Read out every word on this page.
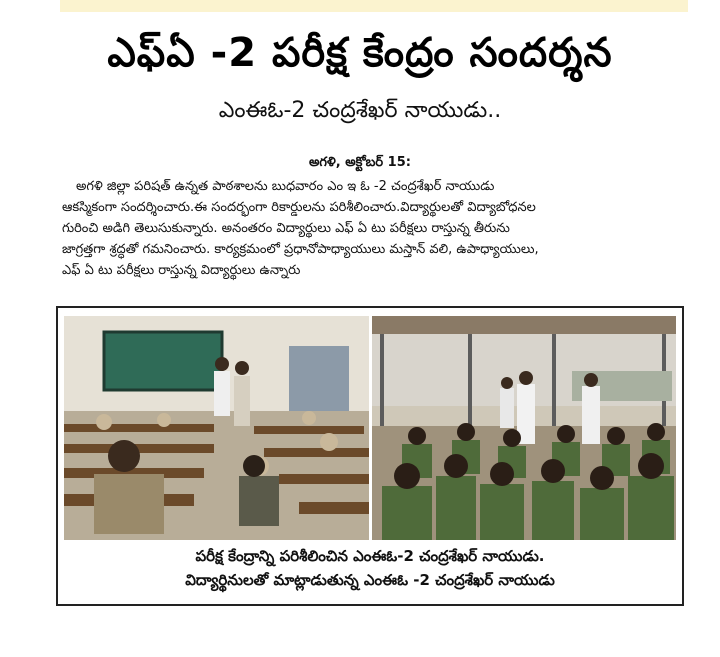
ఎఫ్ఏ -2 పరీక్ష కేంద్రం సందర్శన
ఎంఈఓ-2 చంద్రశేఖర్ నాయుడు..
అగళి, అక్టోబర్ 15:
అగళి జిల్లా పరిషత్ ఉన్నత పాఠశాలను బుధవారం ఎం ఇ ఓ -2 చంద్రశేఖర్ నాయుడు
ఆకస్మికంగా సందర్శించారు.ఈ సందర్భంగా రికార్డులను పరిశీలించారు.విద్యార్థులతో విద్యాబోధనల
గురించి అడిగి తెలుసుకున్నారు. అనంతరం విద్యార్థులు ఎఫ్ ఏ టు పరీక్షలు రాస్తున్న తీరును
జాగ్రత్తగా శ్రద్ధతో గమనించారు. కార్యక్రమంలో ప్రధానోపాధ్యాయులు మస్తాన్ వలి, ఉపాధ్యాయులు,
ఎఫ్ ఏ టు పరీక్షలు రాస్తున్న విద్యార్థులు ఉన్నారు
పరీక్ష కేంద్రాన్ని పరిశీలించిన ఎంఈఓ-2 చంద్రశేఖర్ నాయుడు.
విద్యార్థినులతో మాట్లాడుతున్న ఎంఈఓ -2 చంద్రశేఖర్ నాయుడు
